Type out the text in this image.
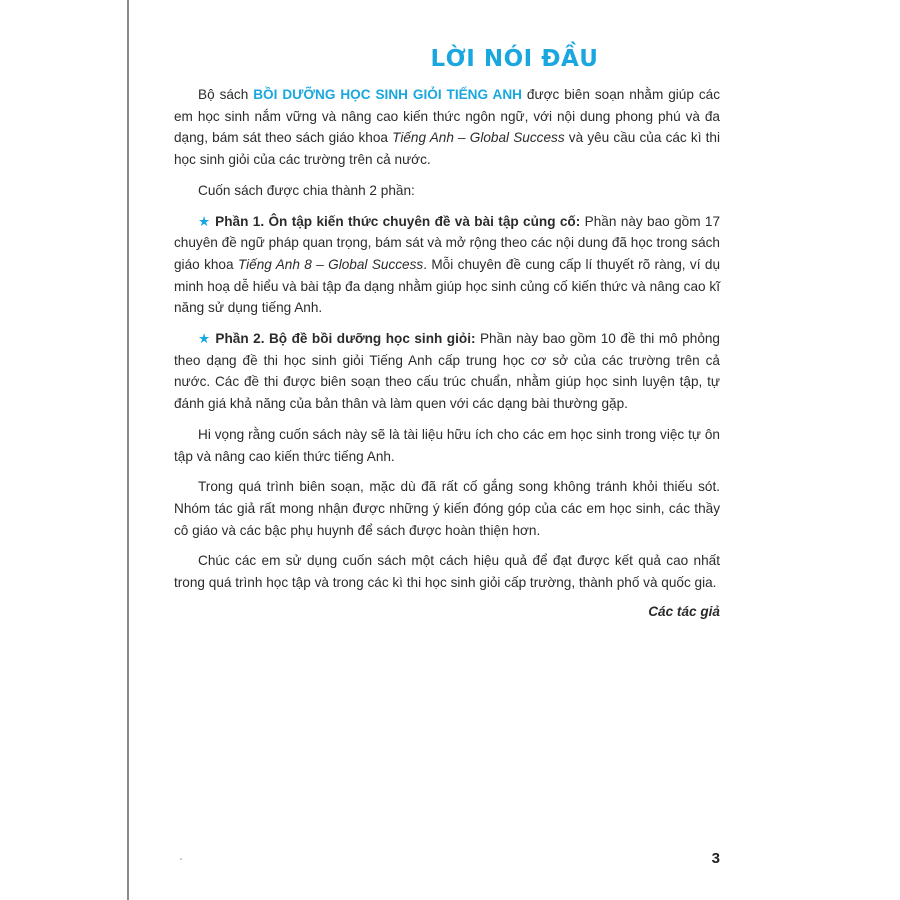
LỜI NÓI ĐẦU

Bộ sách BỒI DƯỠNG HỌC SINH GIỎI TIẾNG ANH được biên soạn nhằm giúp các em học sinh nắm vững và nâng cao kiến thức ngôn ngữ, với nội dung phong phú và đa dạng, bám sát theo sách giáo khoa Tiếng Anh – Global Success và yêu cầu của các kì thi học sinh giỏi của các trường trên cả nước.

Cuốn sách được chia thành 2 phần:

★ Phần 1. Ôn tập kiến thức chuyên đề và bài tập củng cố: Phần này bao gồm 17 chuyên đề ngữ pháp quan trọng, bám sát và mở rộng theo các nội dung đã học trong sách giáo khoa Tiếng Anh 8 – Global Success. Mỗi chuyên đề cung cấp lí thuyết rõ ràng, ví dụ minh hoạ dễ hiểu và bài tập đa dạng nhằm giúp học sinh củng cố kiến thức và nâng cao kĩ năng sử dụng tiếng Anh.

★ Phần 2. Bộ đề bồi dưỡng học sinh giỏi: Phần này bao gồm 10 đề thi mô phỏng theo dạng đề thi học sinh giỏi Tiếng Anh cấp trung học cơ sở của các trường trên cả nước. Các đề thi được biên soạn theo cấu trúc chuẩn, nhằm giúp học sinh luyện tập, tự đánh giá khả năng của bản thân và làm quen với các dạng bài thường gặp.

Hi vọng rằng cuốn sách này sẽ là tài liệu hữu ích cho các em học sinh trong việc tự ôn tập và nâng cao kiến thức tiếng Anh.

Trong quá trình biên soạn, mặc dù đã rất cố gắng song không tránh khỏi thiếu sót. Nhóm tác giả rất mong nhận được những ý kiến đóng góp của các em học sinh, các thầy cô giáo và các bậc phụ huynh để sách được hoàn thiện hơn.

Chúc các em sử dụng cuốn sách một cách hiệu quả để đạt được kết quả cao nhất trong quá trình học tập và trong các kì thi học sinh giỏi cấp trường, thành phố và quốc gia.

Các tác giả
3
